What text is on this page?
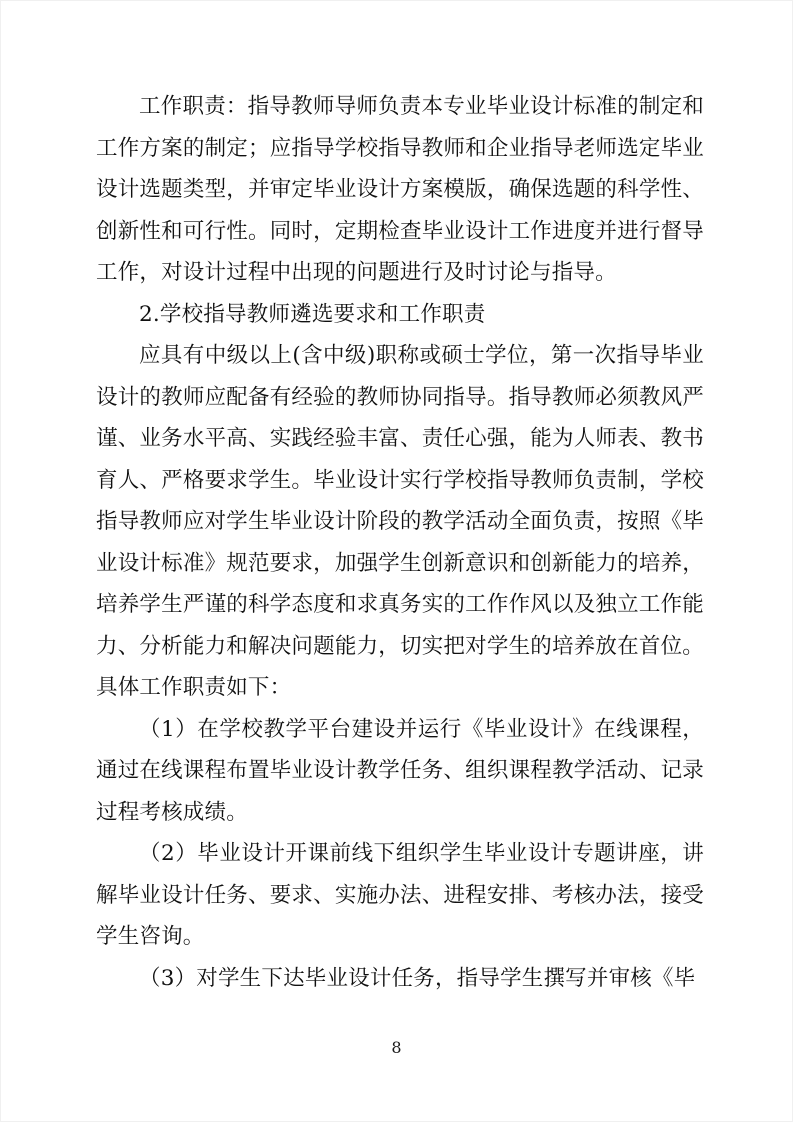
工作职责：指导教师导师负责本专业毕业设计标准的制定和工作方案的制定；应指导学校指导教师和企业指导老师选定毕业设计选题类型，并审定毕业设计方案模版，确保选题的科学性、创新性和可行性。同时，定期检查毕业设计工作进度并进行督导工作，对设计过程中出现的问题进行及时讨论与指导。

2.学校指导教师遴选要求和工作职责

应具有中级以上(含中级)职称或硕士学位，第一次指导毕业设计的教师应配备有经验的教师协同指导。指导教师必须教风严谨、业务水平高、实践经验丰富、责任心强，能为人师表、教书育人、严格要求学生。毕业设计实行学校指导教师负责制，学校指导教师应对学生毕业设计阶段的教学活动全面负责，按照《毕业设计标准》规范要求，加强学生创新意识和创新能力的培养，培养学生严谨的科学态度和求真务实的工作作风以及独立工作能力、分析能力和解决问题能力，切实把对学生的培养放在首位。具体工作职责如下：

（1）在学校教学平台建设并运行《毕业设计》在线课程，通过在线课程布置毕业设计教学任务、组织课程教学活动、记录过程考核成绩。

（2）毕业设计开课前线下组织学生毕业设计专题讲座，讲解毕业设计任务、要求、实施办法、进程安排、考核办法，接受学生咨询。

（3）对学生下达毕业设计任务，指导学生撰写并审核《毕

8
